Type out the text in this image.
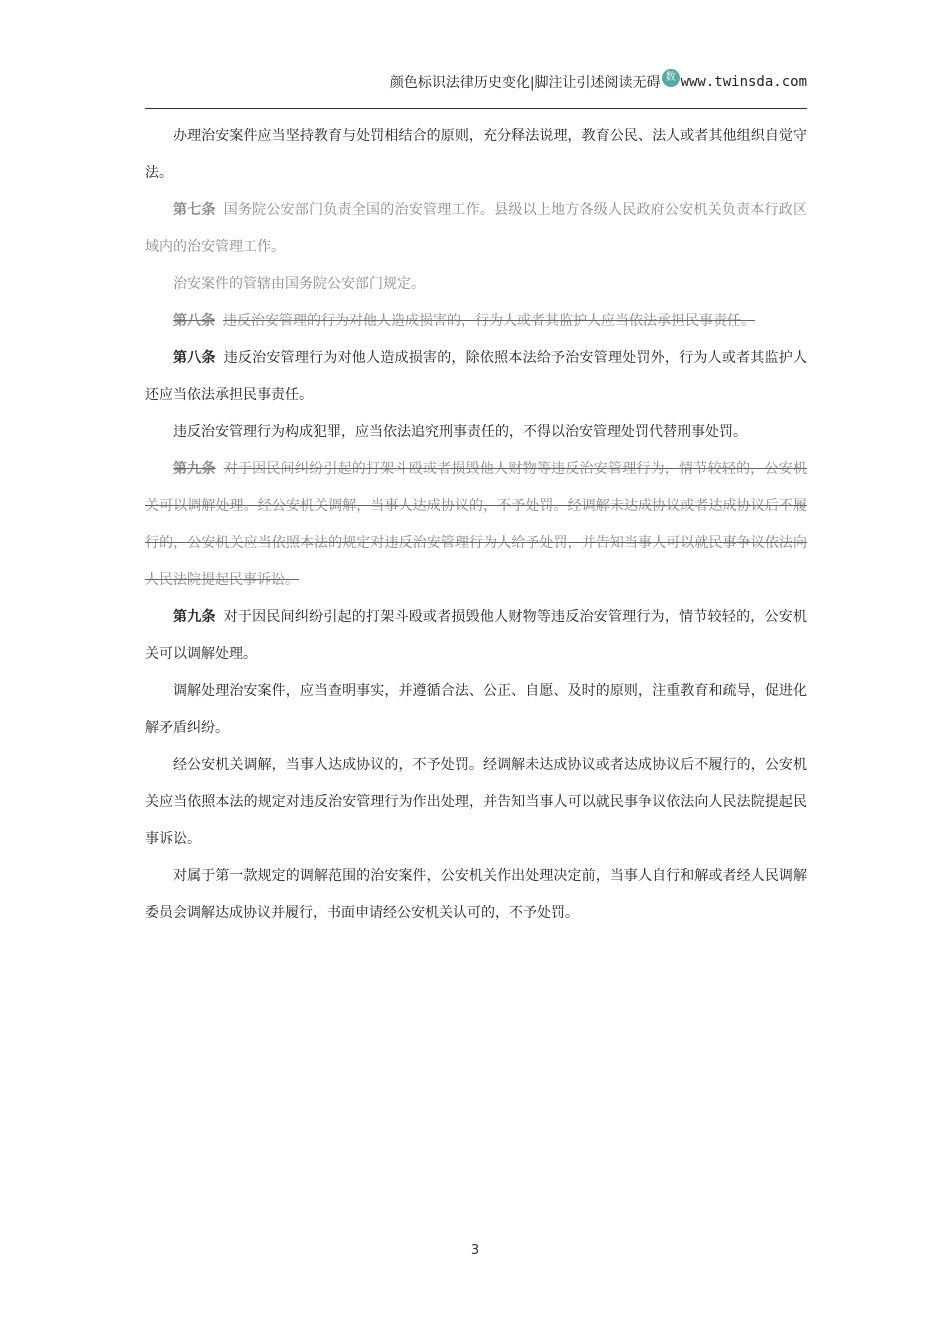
颜色标识法律历史变化|脚注让引述阅读无碍 数 www.twinsda.com

办理治安案件应当坚持教育与处罚相结合的原则，充分释法说理，教育公民、法人或者其他组织自觉守法。

第七条 国务院公安部门负责全国的治安管理工作。县级以上地方各级人民政府公安机关负责本行政区域内的治安管理工作。

治安案件的管辖由国务院公安部门规定。

第八条 违反治安管理的行为对他人造成损害的，行为人或者其监护人应当依法承担民事责任。

第八条 违反治安管理行为对他人造成损害的，除依照本法给予治安管理处罚外，行为人或者其监护人还应当依法承担民事责任。

违反治安管理行为构成犯罪，应当依法追究刑事责任的，不得以治安管理处罚代替刑事处罚。

第九条 对于因民间纠纷引起的打架斗殴或者损毁他人财物等违反治安管理行为，情节较轻的，公安机关可以调解处理。经公安机关调解，当事人达成协议的，不予处罚。经调解未达成协议或者达成协议后不履行的，公安机关应当依照本法的规定对违反治安管理行为人给予处罚，并告知当事人可以就民事争议依法向人民法院提起民事诉讼。

第九条 对于因民间纠纷引起的打架斗殴或者损毁他人财物等违反治安管理行为，情节较轻的，公安机关可以调解处理。

调解处理治安案件，应当查明事实，并遵循合法、公正、自愿、及时的原则，注重教育和疏导，促进化解矛盾纠纷。

经公安机关调解，当事人达成协议的，不予处罚。经调解未达成协议或者达成协议后不履行的，公安机关应当依照本法的规定对违反治安管理行为作出处理，并告知当事人可以就民事争议依法向人民法院提起民事诉讼。

对属于第一款规定的调解范围的治安案件，公安机关作出处理决定前，当事人自行和解或者经人民调解委员会调解达成协议并履行，书面申请经公安机关认可的，不予处罚。

3
